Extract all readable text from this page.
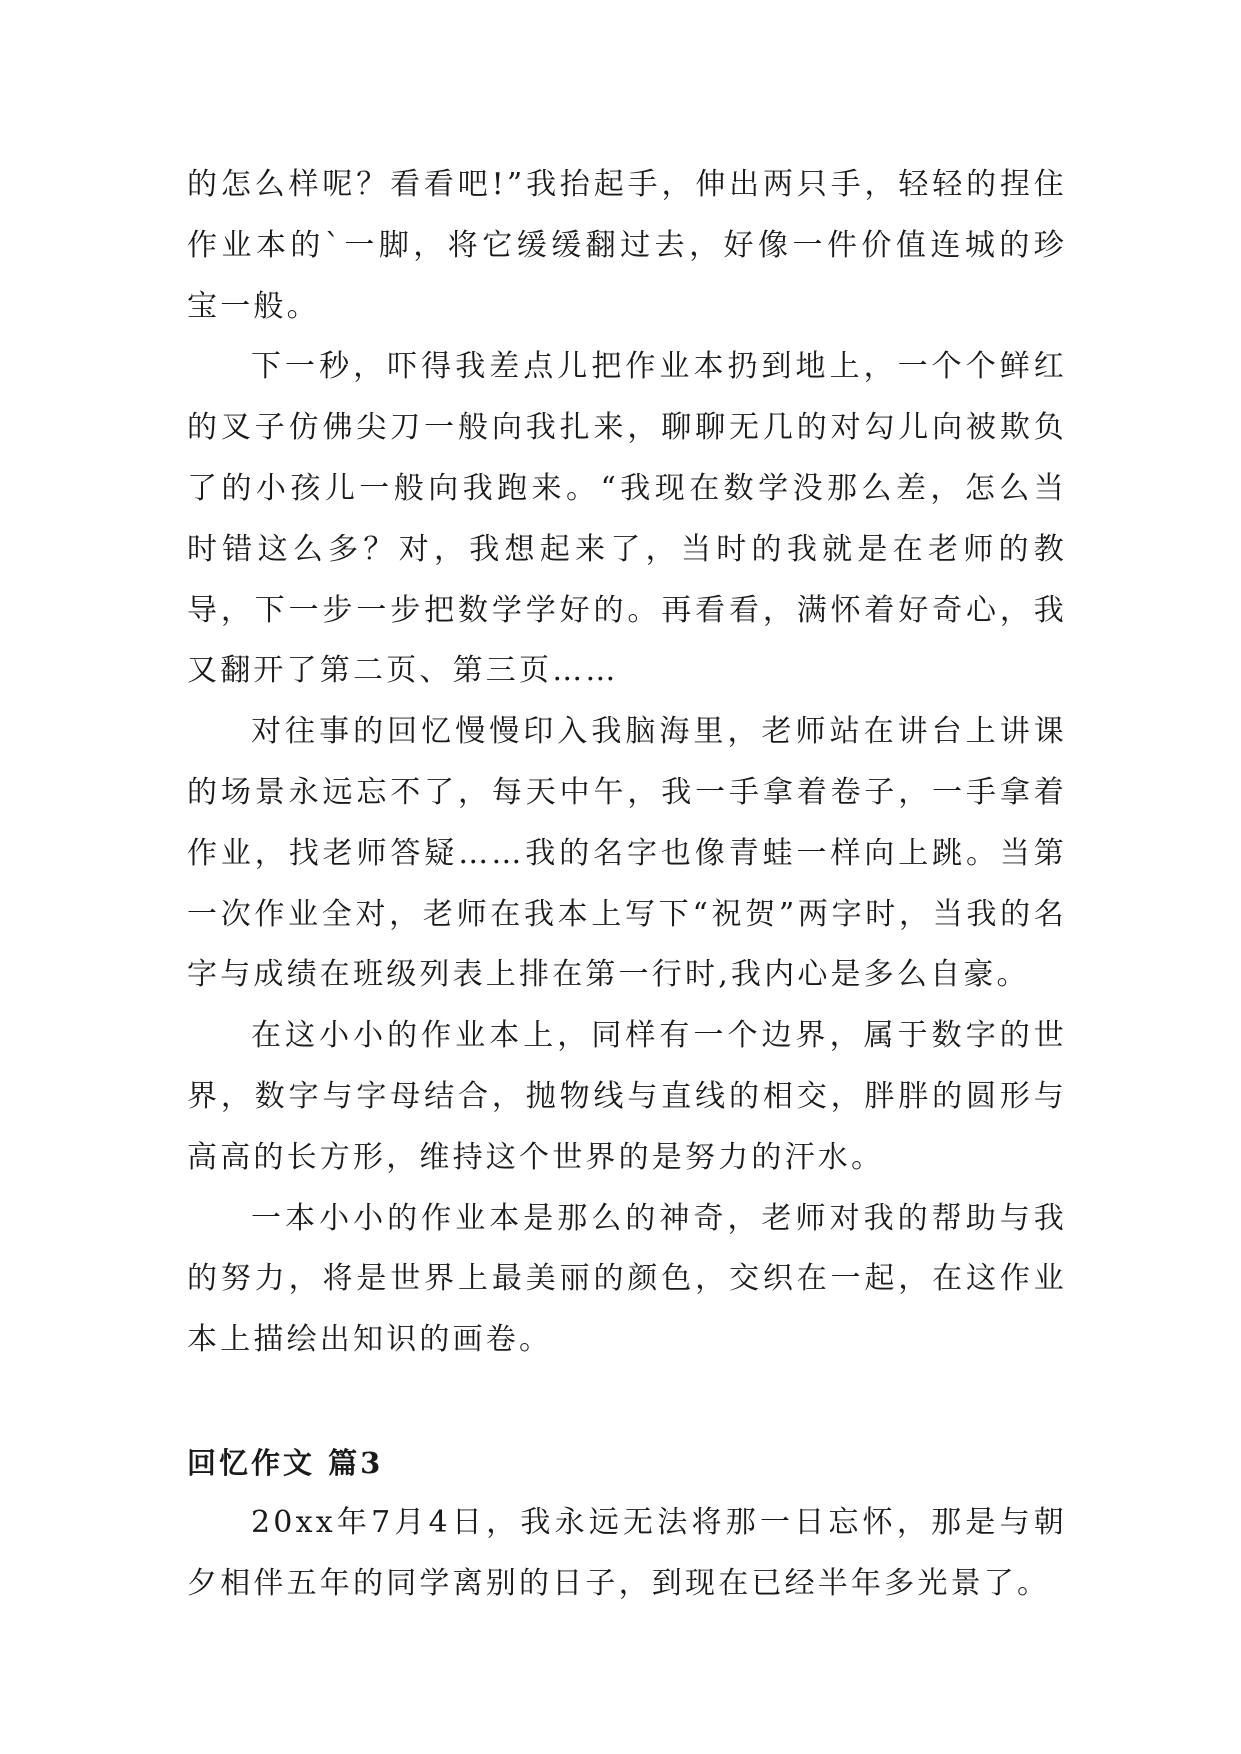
的怎么样呢？看看吧!”我抬起手，伸出两只手，轻轻的捏住作业本的`一脚，将它缓缓翻过去，好像一件价值连城的珍宝一般。

下一秒，吓得我差点儿把作业本扔到地上，一个个鲜红的叉子仿佛尖刀一般向我扎来，聊聊无几的对勾儿向被欺负了的小孩儿一般向我跑来。“我现在数学没那么差，怎么当时错这么多？对，我想起来了，当时的我就是在老师的教导，下一步一步把数学学好的。再看看，满怀着好奇心，我又翻开了第二页、第三页……

对往事的回忆慢慢印入我脑海里，老师站在讲台上讲课的场景永远忘不了，每天中午，我一手拿着卷子，一手拿着作业，找老师答疑……我的名字也像青蛙一样向上跳。当第一次作业全对，老师在我本上写下“祝贺”两字时，当我的名字与成绩在班级列表上排在第一行时,我内心是多么自豪。

在这小小的作业本上，同样有一个边界，属于数字的世界，数字与字母结合，抛物线与直线的相交，胖胖的圆形与高高的长方形，维持这个世界的是努力的汗水。

一本小小的作业本是那么的神奇，老师对我的帮助与我的努力，将是世界上最美丽的颜色，交织在一起，在这作业本上描绘出知识的画卷。

回忆作文 篇3

20xx年7月4日，我永远无法将那一日忘怀，那是与朝夕相伴五年的同学离别的日子，到现在已经半年多光景了。
